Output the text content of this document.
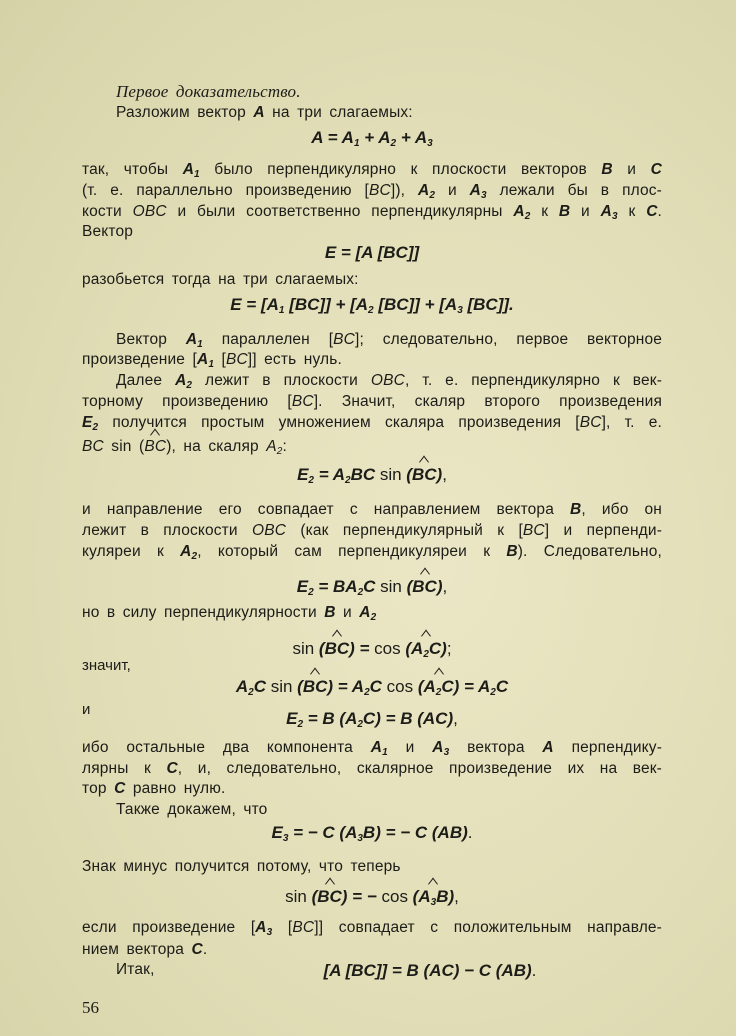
Первое доказательство.
Разложим вектор A на три слагаемых:
$A = A_1 + A_2 + A_3$
так, чтобы $A_1$ было перпендикулярно к плоскости векторов B и C
(т. е. параллельно произведению [BC]), $A_2$ и $A_3$ лежали бы в плос-
кости OBC и были соответственно перпендикулярны $A_2$ к B и $A_3$ к C.
Вектор
E = [A [BC]]
разобьется тогда на три слагаемых:
$E = [A_1$ $[BC]] + [A_2$ $[BC]] + [A_3$ [BC]].
Вектор $A_1$ параллелен [BC]; следовательно, первое векторное
произведение [$A_1$ [BC]] есть нуль.
Далее $A_2$ лежит в плоскости OBC, т. е. перпендикулярно к век-
торному произведению [BC]. Значит, скаляр второго произведения
$E_2$ получится простым умножением скаляра произведения [BC], т. е.
BC sin (BC), на скаляр $A_2$:
$E_2 = A_2BC$ sin (BC),
и направление его совпадает с направлением вектора B, ибо он
лежит в плоскости OBC (как перпендикулярный к [BC] и перпенди-
куляреи к $A_2$, который сам перпендикуляреи к B). Следовательно,
$E_2 = BA_2C$ sin (BC),
но в силу перпендикулярности B и $A_2$
$\sin (BC) = \cos (A_2C)$;
значит,
$A_2C$ $\sin (BC) = A_2C$ $\cos (A_2C) = A_2C$
и	$E_2 = B$ $(A_2C) = B$ (AC),
ибо остальные два компонента $A_1$ и $A_3$ вектора A перпендику-
лярны к C, и, следовательно, скалярное произведение их на век-
тор C равно нулю.
Также докажем, что
$E_3$ = − C $(A_3B)$ = − C (AB).
Знак минус получится потому, что теперь
sin (BC) = − $\cos (A_3B)$,
если произведение [$A_3$ [BC]] совпадает с положительным направле-
нием вектора C.
Итак,	[A [BC]] = B (AC) − C (AB).
56
